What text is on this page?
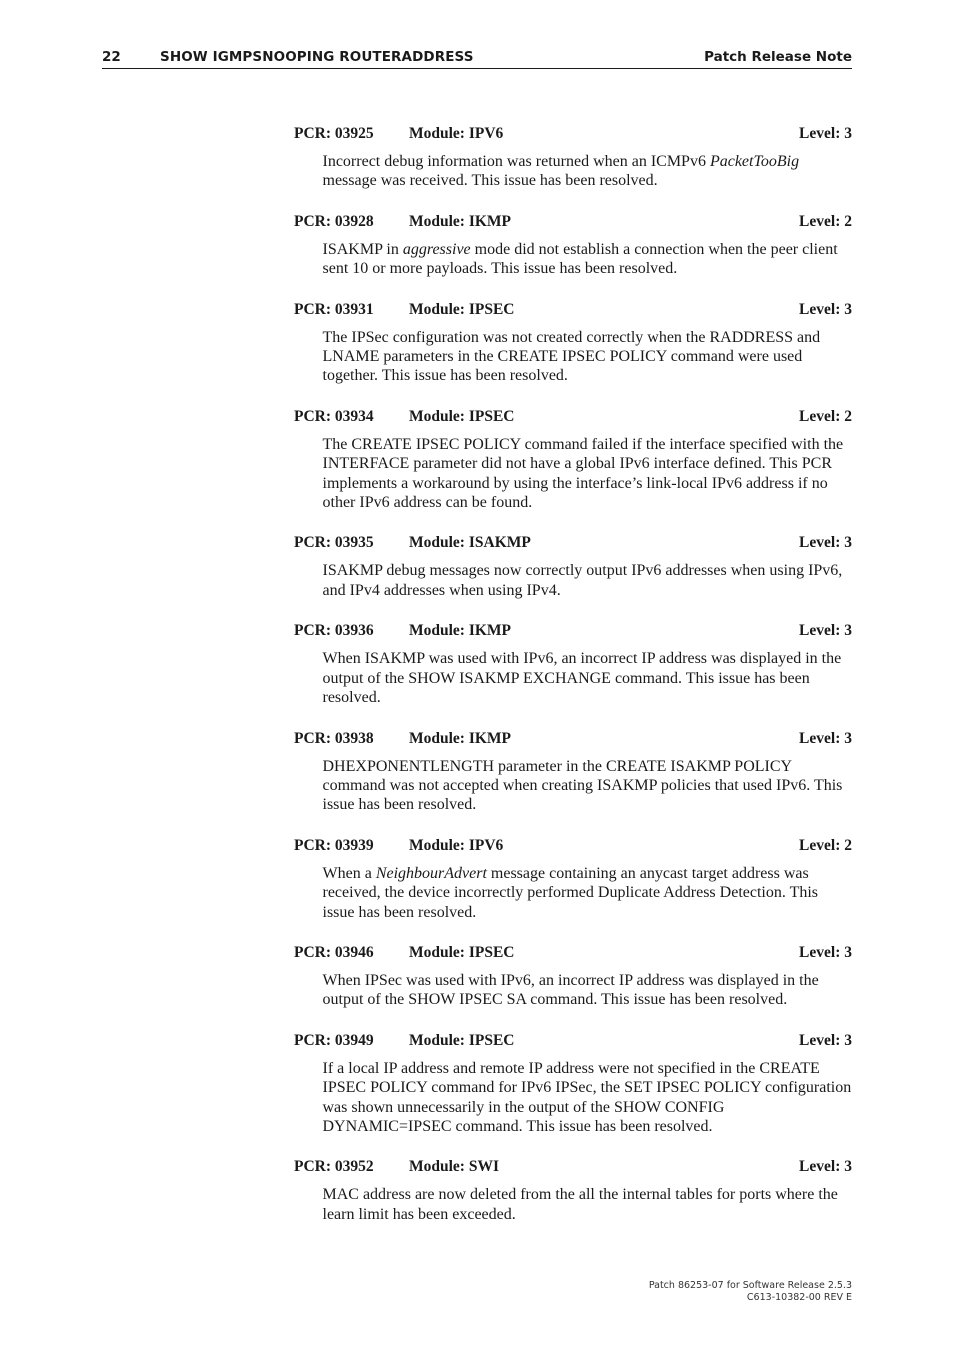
22	SHOW IGMPSNOOPING ROUTERADDRESS	Patch Release Note
PCR: 03925 Module: IPV6	Level: 3
Incorrect debug information was returned when an ICMPv6 PacketTooBig message was received. This issue has been resolved.
PCR: 03928 Module: IKMP	Level: 2
ISAKMP in aggressive mode did not establish a connection when the peer client sent 10 or more payloads. This issue has been resolved.
PCR: 03931 Module: IPSEC	Level: 3
The IPSec configuration was not created correctly when the RADDRESS and LNAME parameters in the CREATE IPSEC POLICY command were used together. This issue has been resolved.
PCR: 03934 Module: IPSEC	Level: 2
The CREATE IPSEC POLICY command failed if the interface specified with the INTERFACE parameter did not have a global IPv6 interface defined. This PCR implements a workaround by using the interface’s link-local IPv6 address if no other IPv6 address can be found.
PCR: 03935 Module: ISAKMP	Level: 3
ISAKMP debug messages now correctly output IPv6 addresses when using IPv6, and IPv4 addresses when using IPv4.
PCR: 03936 Module: IKMP	Level: 3
When ISAKMP was used with IPv6, an incorrect IP address was displayed in the output of the SHOW ISAKMP EXCHANGE command. This issue has been resolved.
PCR: 03938 Module: IKMP	Level: 3
DHEXPONENTLENGTH parameter in the CREATE ISAKMP POLICY command was not accepted when creating ISAKMP policies that used IPv6. This issue has been resolved.
PCR: 03939 Module: IPV6	Level: 2
When a NeighbourAdvert message containing an anycast target address was received, the device incorrectly performed Duplicate Address Detection. This issue has been resolved.
PCR: 03946 Module: IPSEC	Level: 3
When IPSec was used with IPv6, an incorrect IP address was displayed in the output of the SHOW IPSEC SA command. This issue has been resolved.
PCR: 03949 Module: IPSEC	Level: 3
If a local IP address and remote IP address were not specified in the CREATE IPSEC POLICY command for IPv6 IPSec, the SET IPSEC POLICY configuration was shown unnecessarily in the output of the SHOW CONFIG DYNAMIC=IPSEC command. This issue has been resolved.
PCR: 03952 Module: SWI	Level: 3
MAC address are now deleted from the all the internal tables for ports where the learn limit has been exceeded.
Patch 86253-07 for Software Release 2.5.3
C613-10382-00 REV E
